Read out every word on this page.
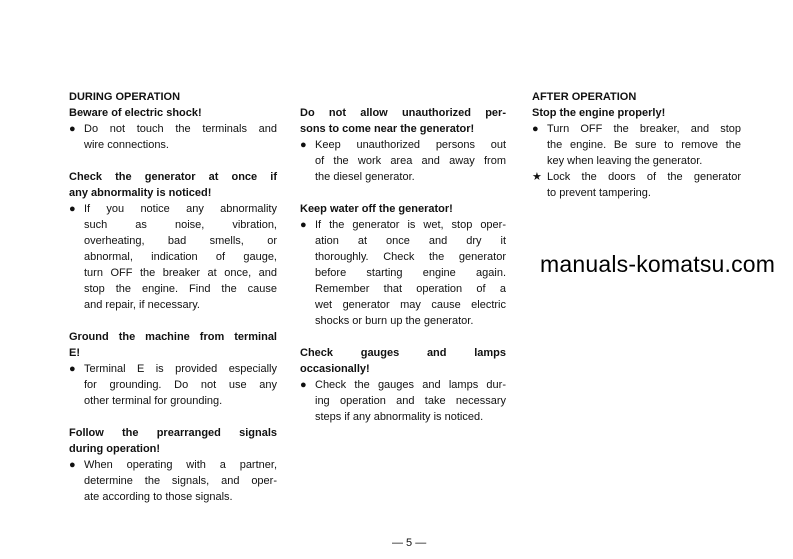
DURING OPERATION
Beware of electric shock!
Do not touch the terminals and
●
wire connections.
Check the generator at once if
any abnormality is noticed!
If you notice any abnormality
●
such as noise, vibration,
overheating, bad smells, or
abnormal, indication of gauge,
turn OFF the breaker at once, and
stop the engine. Find the cause
and repair, if necessary.
Ground the machine from terminal
E!
Terminal E is provided especially
●
for grounding. Do not use any
other terminal for grounding.
Follow the prearranged signals
during operation!
When operating with a partner,
●
determine the signals, and oper-
ate according to those signals.
Do not allow unauthorized per-
sons to come near the generator!
Keep unauthorized persons out
●
of the work area and away from
the diesel generator.
Keep water off the generator!
If the generator is wet, stop oper-
●
ation at once and dry it
thoroughly. Check the generator
before starting engine again.
Remember that operation of a
wet generator may cause electric
shocks or burn up the generator.
Check gauges and lamps
occasionally!
Check the gauges and lamps dur-
●
ing operation and take necessary
steps if any abnormality is noticed.
AFTER OPERATION
Stop the engine properly!
Turn OFF the breaker, and stop
●
the engine. Be sure to remove the
key when leaving the generator.
Lock the doors of the generator
★
to prevent tampering.
manuals-komatsu.com
— 5 —
